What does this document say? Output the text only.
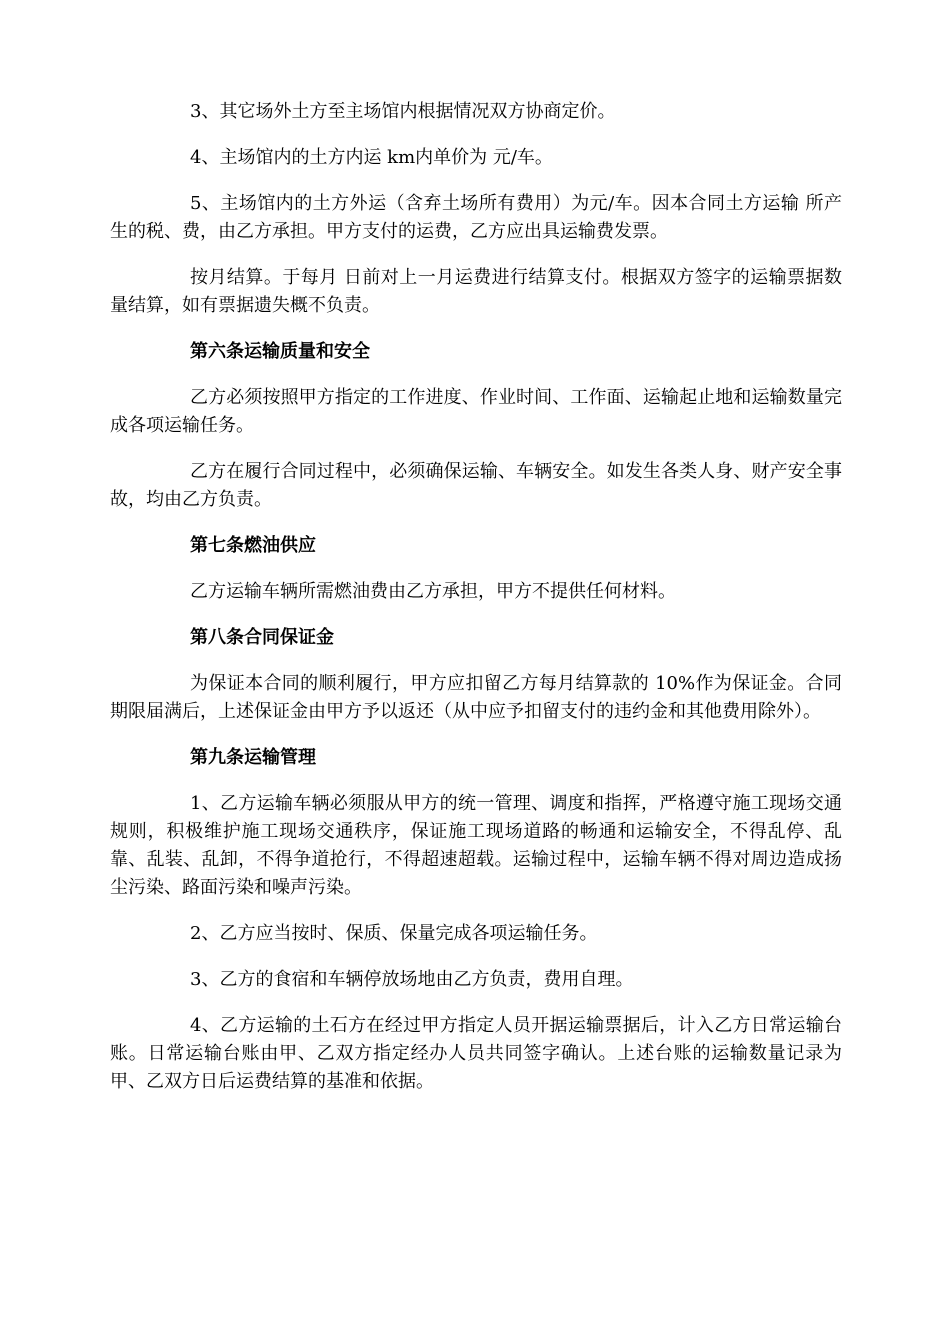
3、其它场外土方至主场馆内根据情况双方协商定价。

4、主场馆内的土方内运 km内单价为 元/车。

5、主场馆内的土方外运（含弃土场所有费用）为元/车。因本合同土方运输 所产生的税、费，由乙方承担。甲方支付的运费，乙方应出具运输费发票。

按月结算。于每月 日前对上一月运费进行结算支付。根据双方签字的运输票据数量结算，如有票据遗失概不负责。

第六条运输质量和安全

乙方必须按照甲方指定的工作进度、作业时间、工作面、运输起止地和运输数量完成各项运输任务。

乙方在履行合同过程中，必须确保运输、车辆安全。如发生各类人身、财产安全事故，均由乙方负责。

第七条燃油供应

乙方运输车辆所需燃油费由乙方承担，甲方不提供任何材料。

第八条合同保证金

为保证本合同的顺利履行，甲方应扣留乙方每月结算款的 10%作为保证金。合同期限届满后，上述保证金由甲方予以返还（从中应予扣留支付的违约金和其他费用除外）。

第九条运输管理

1、乙方运输车辆必须服从甲方的统一管理、调度和指挥，严格遵守施工现场交通规则，积极维护施工现场交通秩序，保证施工现场道路的畅通和运输安全，不得乱停、乱靠、乱装、乱卸，不得争道抢行，不得超速超载。运输过程中，运输车辆不得对周边造成扬尘污染、路面污染和噪声污染。

2、乙方应当按时、保质、保量完成各项运输任务。

3、乙方的食宿和车辆停放场地由乙方负责，费用自理。

4、乙方运输的土石方在经过甲方指定人员开据运输票据后，计入乙方日常运输台账。日常运输台账由甲、乙双方指定经办人员共同签字确认。上述台账的运输数量记录为甲、乙双方日后运费结算的基准和依据。
